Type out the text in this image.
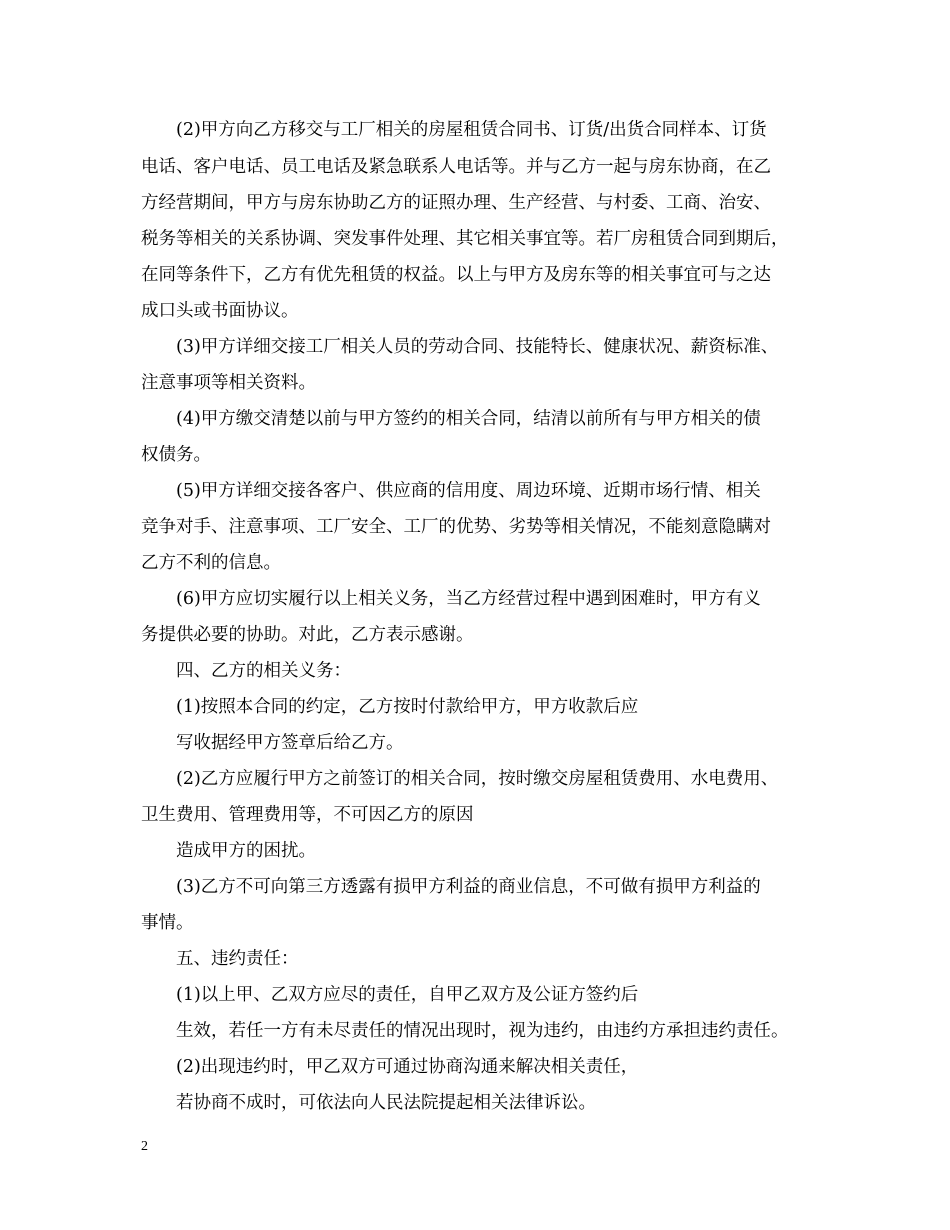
(2)甲方向乙方移交与工厂相关的房屋租赁合同书、订货/出货合同样本、订货
电话、客户电话、员工电话及紧急联系人电话等。并与乙方一起与房东协商，在乙
方经营期间，甲方与房东协助乙方的证照办理、生产经营、与村委、工商、治安、
税务等相关的关系协调、突发事件处理、其它相关事宜等。若厂房租赁合同到期后，
在同等条件下，乙方有优先租赁的权益。以上与甲方及房东等的相关事宜可与之达
成口头或书面协议。
(3)甲方详细交接工厂相关人员的劳动合同、技能特长、健康状况、薪资标准、
注意事项等相关资料。
(4)甲方缴交清楚以前与甲方签约的相关合同，结清以前所有与甲方相关的债
权债务。
(5)甲方详细交接各客户、供应商的信用度、周边环境、近期市场行情、相关
竞争对手、注意事项、工厂安全、工厂的优势、劣势等相关情况，不能刻意隐瞒对
乙方不利的信息。
(6)甲方应切实履行以上相关义务，当乙方经营过程中遇到困难时，甲方有义
务提供必要的协助。对此，乙方表示感谢。
四、乙方的相关义务：
(1)按照本合同的约定，乙方按时付款给甲方，甲方收款后应
写收据经甲方签章后给乙方。
(2)乙方应履行甲方之前签订的相关合同，按时缴交房屋租赁费用、水电费用、
卫生费用、管理费用等，不可因乙方的原因
造成甲方的困扰。
(3)乙方不可向第三方透露有损甲方利益的商业信息，不可做有损甲方利益的
事情。
五、违约责任：
(1)以上甲、乙双方应尽的责任，自甲乙双方及公证方签约后
生效，若任一方有未尽责任的情况出现时，视为违约，由违约方承担违约责任。
(2)出现违约时，甲乙双方可通过协商沟通来解决相关责任，
若协商不成时，可依法向人民法院提起相关法律诉讼。
2
